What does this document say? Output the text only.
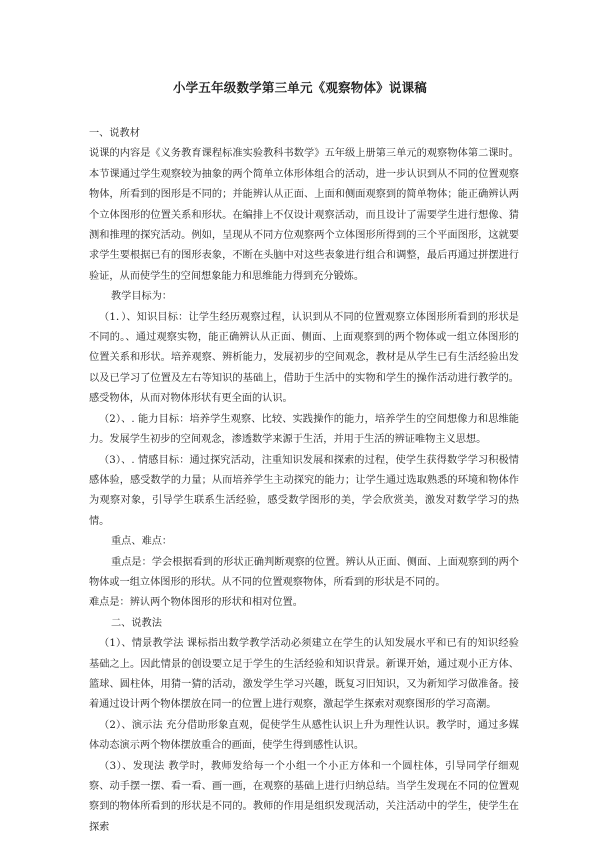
小学五年级数学第三单元《观察物体》说课稿

一、说教材

说课的内容是《义务教育课程标准实验教科书数学》五年级上册第三单元的观察物体第二课时。本节课通过学生观察较为抽象的两个简单立体形体组合的活动，进一步认识到从不同的位置观察物体，所看到的图形是不同的；并能辨认从正面、上面和侧面观察到的简单物体；能正确辨认两个立体图形的位置关系和形状。在编排上不仅设计观察活动，而且设计了需要学生进行想像、猜测和推理的探究活动。例如，呈现从不同方位观察两个立体图形所得到的三个平面图形，这就要求学生要根据已有的图形表象，不断在头脑中对这些表象进行组合和调整，最后再通过拼摆进行验证，从而使学生的空间想象能力和思维能力得到充分锻炼。

教学目标为：

（1．）、知识目标：让学生经历观察过程，认识到从不同的位置观察立体图形所看到的形状是不同的。、通过观察实物，能正确辨认从正面、侧面、上面观察到的两个物体或一组立体图形的位置关系和形状。培养观察、辨析能力，发展初步的空间观念，教材是从学生已有生活经验出发以及已学习了位置及左右等知识的基础上，借助于生活中的实物和学生的操作活动进行教学的。感受物体，从而对物体形状有更全面的认识。

（2）、. 能力目标：培养学生观察、比较、实践操作的能力，培养学生的空间想像力和思维能力。发展学生初步的空间观念，渗透数学来源于生活，并用于生活的辨证唯物主义思想。

（3）、. 情感目标：通过探究活动，注重知识发展和探索的过程，使学生获得数学学习积极情感体验，感受数学的力量；从而培养学生主动探究的能力；让学生通过选取熟悉的环境和物体作为观察对象，引导学生联系生活经验，感受数学图形的美，学会欣赏美，激发对数学学习的热情。

重点、难点：

重点是：学会根据看到的形状正确判断观察的位置。辨认从正面、侧面、上面观察到的两个物体或一组立体图形的形状。从不同的位置观察物体，所看到的形状是不同的。

难点是：辨认两个物体图形的形状和相对位置。

二、说教法

（1）、情景教学法 课标指出数学教学活动必须建立在学生的认知发展水平和已有的知识经验基础之上。因此情景的创设要立足于学生的生活经验和知识背景。新课开始，通过观小正方体、篮球、圆柱体，用猜一猜的活动，激发学生学习兴趣，既复习旧知识，又为新知学习做准备。接着通过设计两个物体摆放在同一的位置上进行观察，激起学生探索对观察图形的学习高潮。

（2）、演示法 充分借助形象直观，促使学生从感性认识上升为理性认识。教学时，通过多媒体动态演示两个物体摆放重合的画面，使学生得到感性认识。

（3）、发现法 教学时，教师发给每一个小组一个小正方体和一个圆柱体，引导同学仔细观察、动手摆一摆、看一看、画一画，在观察的基础上进行归纳总结。当学生发现在不同的位置观察到的物体所看到的形状是不同的。教师的作用是组织发现活动，关注活动中的学生，使学生在探索
